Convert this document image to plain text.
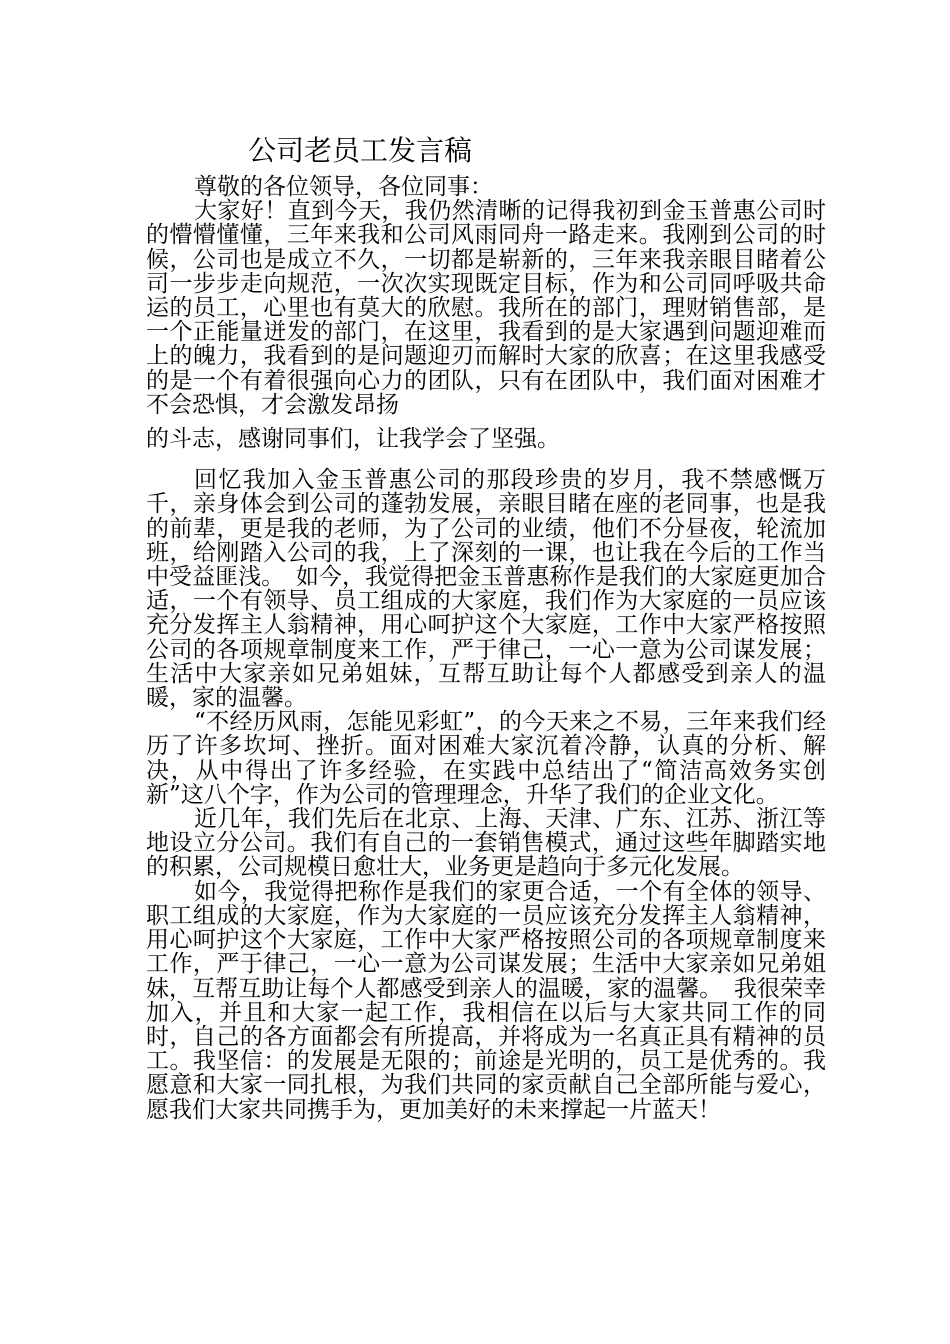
公司老员工发言稿

尊敬的各位领导，各位同事：

大家好！直到今天，我仍然清晰的记得我初到金玉普惠公司时的懵懵懂懂，三年来我和公司风雨同舟一路走来。我刚到公司的时候，公司也是成立不久，一切都是崭新的，三年来我亲眼目睹着公司一步步走向规范，一次次实现既定目标，作为和公司同呼吸共命运的员工，心里也有莫大的欣慰。我所在的部门，理财销售部，是一个正能量迸发的部门，在这里，我看到的是大家遇到问题迎难而上的魄力，我看到的是问题迎刃而解时大家的欣喜；在这里我感受的是一个有着很强向心力的团队，只有在团队中，我们面对困难才不会恐惧，才会激发昂扬

的斗志，感谢同事们，让我学会了坚强。

回忆我加入金玉普惠公司的那段珍贵的岁月，我不禁感慨万千，亲身体会到公司的蓬勃发展，亲眼目睹在座的老同事，也是我的前辈，更是我的老师，为了公司的业绩，他们不分昼夜，轮流加班，给刚踏入公司的我，上了深刻的一课，也让我在今后的工作当中受益匪浅。　如今，我觉得把金玉普惠称作是我们的大家庭更加合适，一个有领导、员工组成的大家庭，我们作为大家庭的一员应该充分发挥主人翁精神，用心呵护这个大家庭，工作中大家严格按照公司的各项规章制度来工作，严于律己，一心一意为公司谋发展；生活中大家亲如兄弟姐妹，互帮互助让每个人都感受到亲人的温暖，家的温馨。

“不经历风雨，怎能见彩虹”，的今天来之不易，三年来我们经历了许多坎坷、挫折。面对困难大家沉着冷静，认真的分析、解决，从中得出了许多经验，在实践中总结出了“简洁高效务实创新”这八个字，作为公司的管理理念，升华了我们的企业文化。

近几年，我们先后在北京、上海、天津、广东、江苏、浙江等地设立分公司。我们有自己的一套销售模式，通过这些年脚踏实地的积累，公司规模日愈壮大，业务更是趋向于多元化发展。

如今，我觉得把称作是我们的家更合适，一个有全体的领导、职工组成的大家庭，作为大家庭的一员应该充分发挥主人翁精神，用心呵护这个大家庭，工作中大家严格按照公司的各项规章制度来工作，严于律己，一心一意为公司谋发展；生活中大家亲如兄弟姐妹，互帮互助让每个人都感受到亲人的温暖，家的温馨。　我很荣幸加入，并且和大家一起工作，我相信在以后与大家共同工作的同时，自己的各方面都会有所提高，并将成为一名真正具有精神的员工。我坚信：的发展是无限的；前途是光明的，员工是优秀的。我愿意和大家一同扎根，为我们共同的家贡献自己全部所能与爱心，愿我们大家共同携手为，更加美好的未来撑起一片蓝天！
